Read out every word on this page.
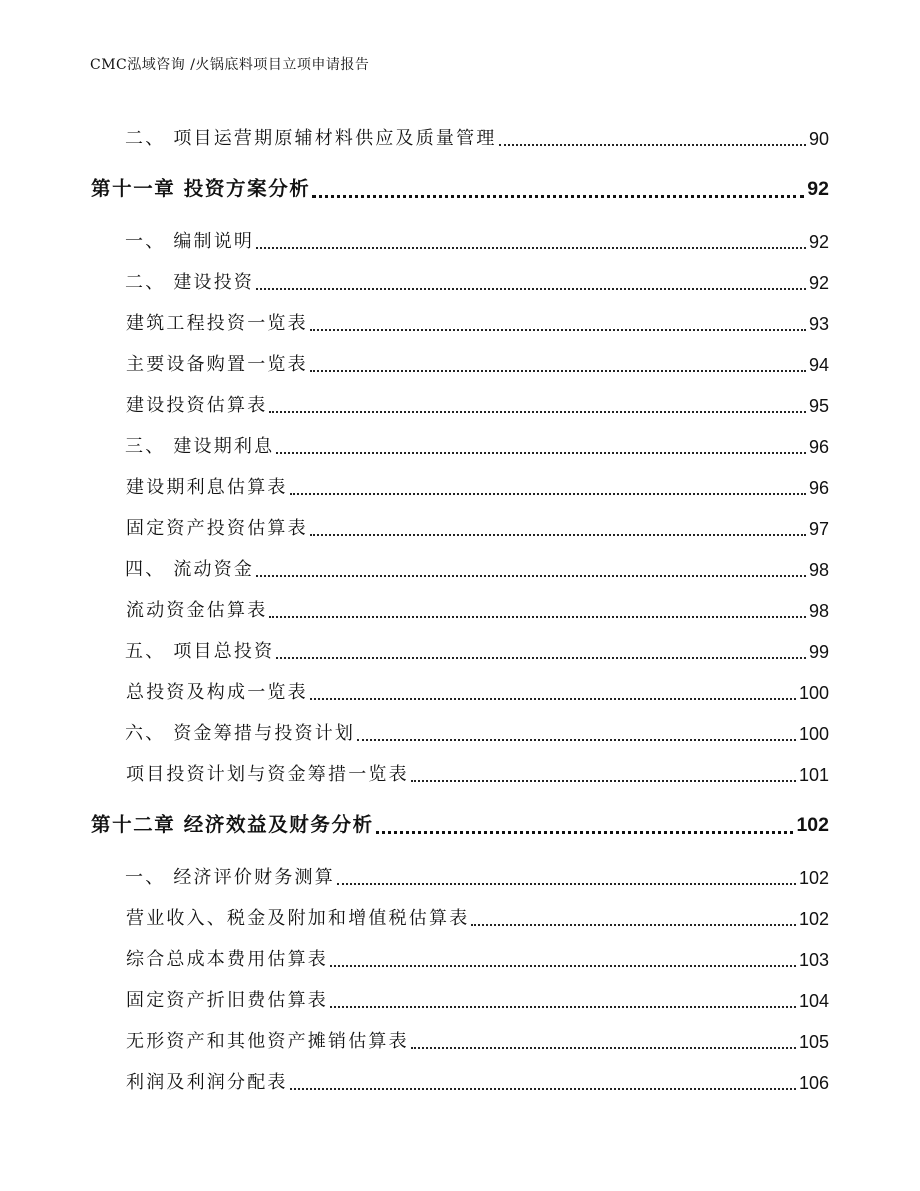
CMC泓域咨询 /火锅底料项目立项申请报告
二、 项目运营期原辅材料供应及质量管理	90
第十一章 投资方案分析	92
一、 编制说明	92
二、 建设投资	92
建筑工程投资一览表	93
主要设备购置一览表	94
建设投资估算表	95
三、 建设期利息	96
建设期利息估算表	96
固定资产投资估算表	97
四、 流动资金	98
流动资金估算表	98
五、 项目总投资	99
总投资及构成一览表	100
六、 资金筹措与投资计划	100
项目投资计划与资金筹措一览表	101
第十二章 经济效益及财务分析	102
一、 经济评价财务测算	102
营业收入、税金及附加和增值税估算表	102
综合总成本费用估算表	103
固定资产折旧费估算表	104
无形资产和其他资产摊销估算表	105
利润及利润分配表	106
